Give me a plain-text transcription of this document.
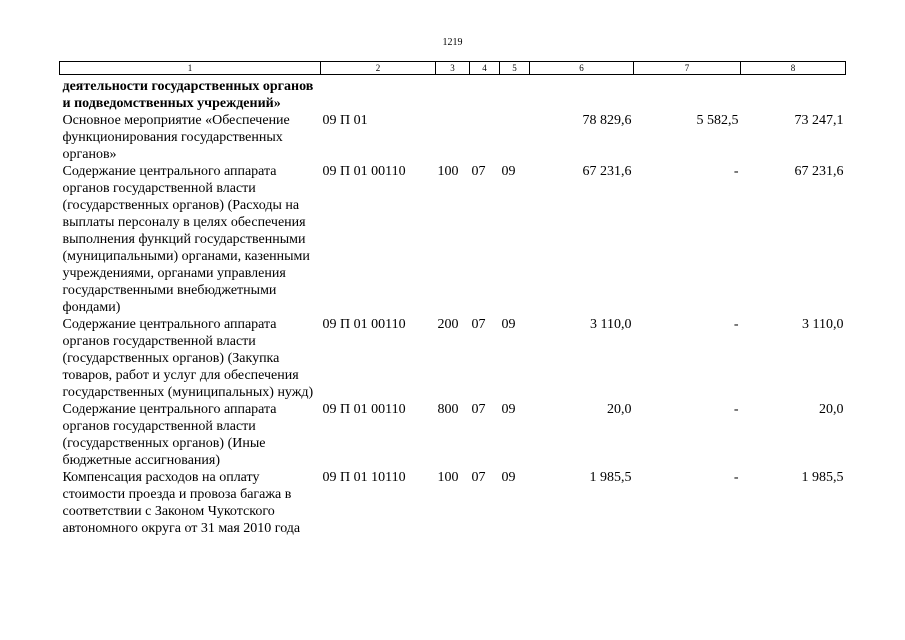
1219
1	2	3	4	5	6	7	8
деятельности государственных органов и подведомственных учреждений»							
Основное мероприятие «Обеспечение функционирования государственных органов»	09 П 01				78 829,6	5 582,5	73 247,1
Содержание центрального аппарата органов государственной власти (государственных органов) (Расходы на выплаты персоналу в целях обеспечения выполнения функций государственными (муниципальными) органами, казенными учреждениями, органами управления государственными внебюджетными фондами)	09 П 01 00110	100	07	09	67 231,6	-	67 231,6
Содержание центрального аппарата органов государственной власти (государственных органов) (Закупка товаров, работ и услуг для обеспечения государственных (муниципальных) нужд)	09 П 01 00110	200	07	09	3 110,0	-	3 110,0
Содержание центрального аппарата органов государственной власти (государственных органов) (Иные бюджетные ассигнования)	09 П 01 00110	800	07	09	20,0	-	20,0
Компенсация расходов на оплату стоимости проезда и провоза багажа в соответствии с Законом Чукотского автономного округа от 31 мая 2010 года	09 П 01 10110	100	07	09	1 985,5	-	1 985,5
